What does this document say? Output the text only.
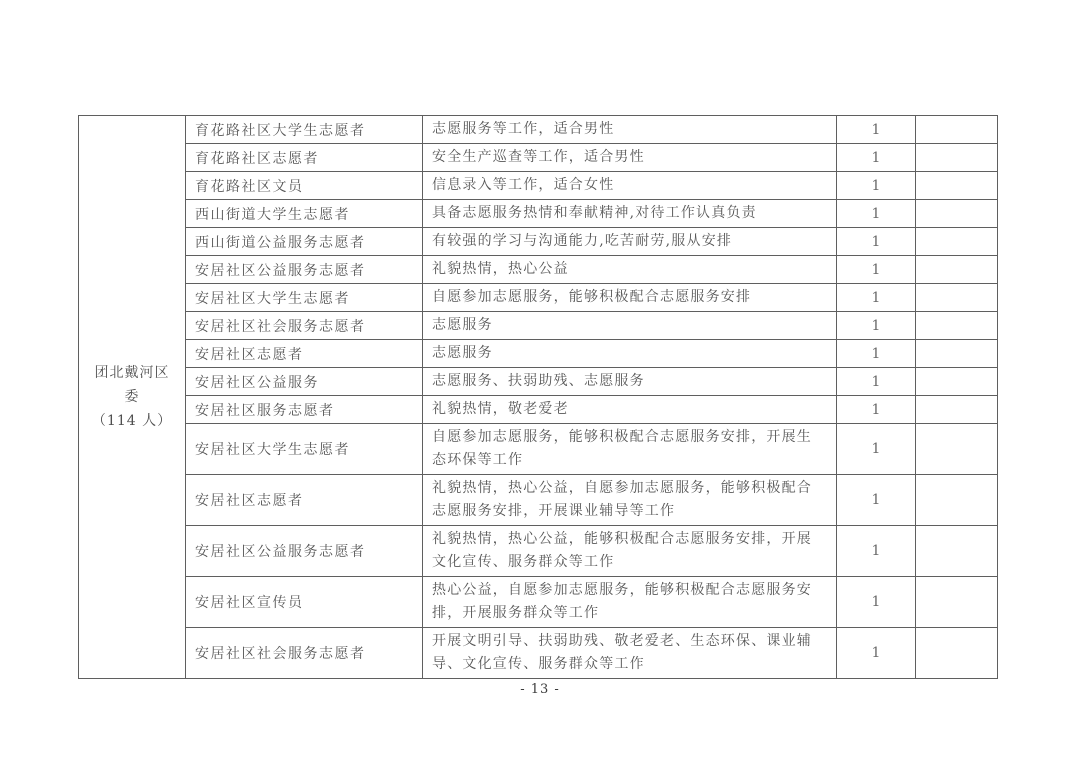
团北戴河区委
（114 人）	育花路社区大学生志愿者	志愿服务等工作，适合男性	1	
	育花路社区志愿者	安全生产巡查等工作，适合男性	1	
	育花路社区文员	信息录入等工作，适合女性	1	
	西山街道大学生志愿者	具备志愿服务热情和奉献精神,对待工作认真负责	1	
	西山街道公益服务志愿者	有较强的学习与沟通能力,吃苦耐劳,服从安排	1	
	安居社区公益服务志愿者	礼貌热情，热心公益	1	
	安居社区大学生志愿者	自愿参加志愿服务，能够积极配合志愿服务安排	1	
	安居社区社会服务志愿者	志愿服务	1	
	安居社区志愿者	志愿服务	1	
	安居社区公益服务	志愿服务、扶弱助残、志愿服务	1	
	安居社区服务志愿者	礼貌热情，敬老爱老	1	
	安居社区大学生志愿者	自愿参加志愿服务，能够积极配合志愿服务安排，开展生态环保等工作	1	
	安居社区志愿者	礼貌热情，热心公益，自愿参加志愿服务，能够积极配合志愿服务安排，开展课业辅导等工作	1	
	安居社区公益服务志愿者	礼貌热情，热心公益，能够积极配合志愿服务安排，开展文化宣传、服务群众等工作	1	
	安居社区宣传员	热心公益，自愿参加志愿服务，能够积极配合志愿服务安排，开展服务群众等工作	1	
	安居社区社会服务志愿者	开展文明引导、扶弱助残、敬老爱老、生态环保、课业辅导、文化宣传、服务群众等工作	1	
- 13 -
